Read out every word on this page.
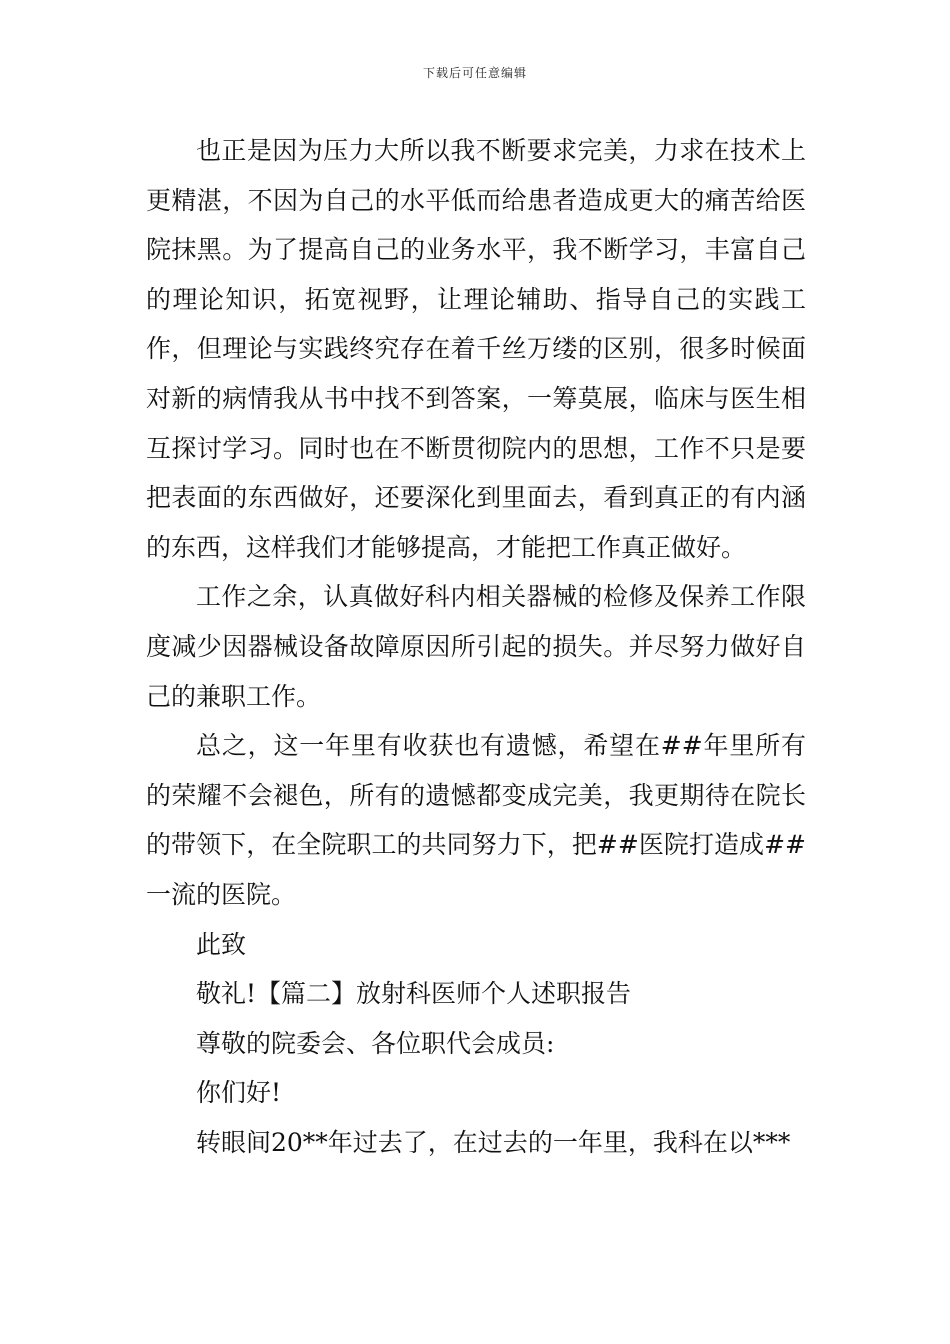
下载后可任意编辑

也正是因为压力大所以我不断要求完美，力求在技术上更精湛，不因为自己的水平低而给患者造成更大的痛苦给医院抹黑。为了提高自己的业务水平，我不断学习，丰富自己的理论知识，拓宽视野，让理论辅助、指导自己的实践工作，但理论与实践终究存在着千丝万缕的区别，很多时候面对新的病情我从书中找不到答案，一筹莫展，临床与医生相互探讨学习。同时也在不断贯彻院内的思想，工作不只是要把表面的东西做好，还要深化到里面去，看到真正的有内涵的东西，这样我们才能够提高，才能把工作真正做好。

工作之余，认真做好科内相关器械的检修及保养工作限度减少因器械设备故障原因所引起的损失。并尽努力做好自己的兼职工作。

总之，这一年里有收获也有遗憾，希望在##年里所有的荣耀不会褪色，所有的遗憾都变成完美，我更期待在院长的带领下，在全院职工的共同努力下，把##医院打造成##一流的医院。

此致

敬礼!【篇二】放射科医师个人述职报告

尊敬的院委会、各位职代会成员:

你们好!

转眼间20**年过去了，在过去的一年里，我科在以***
